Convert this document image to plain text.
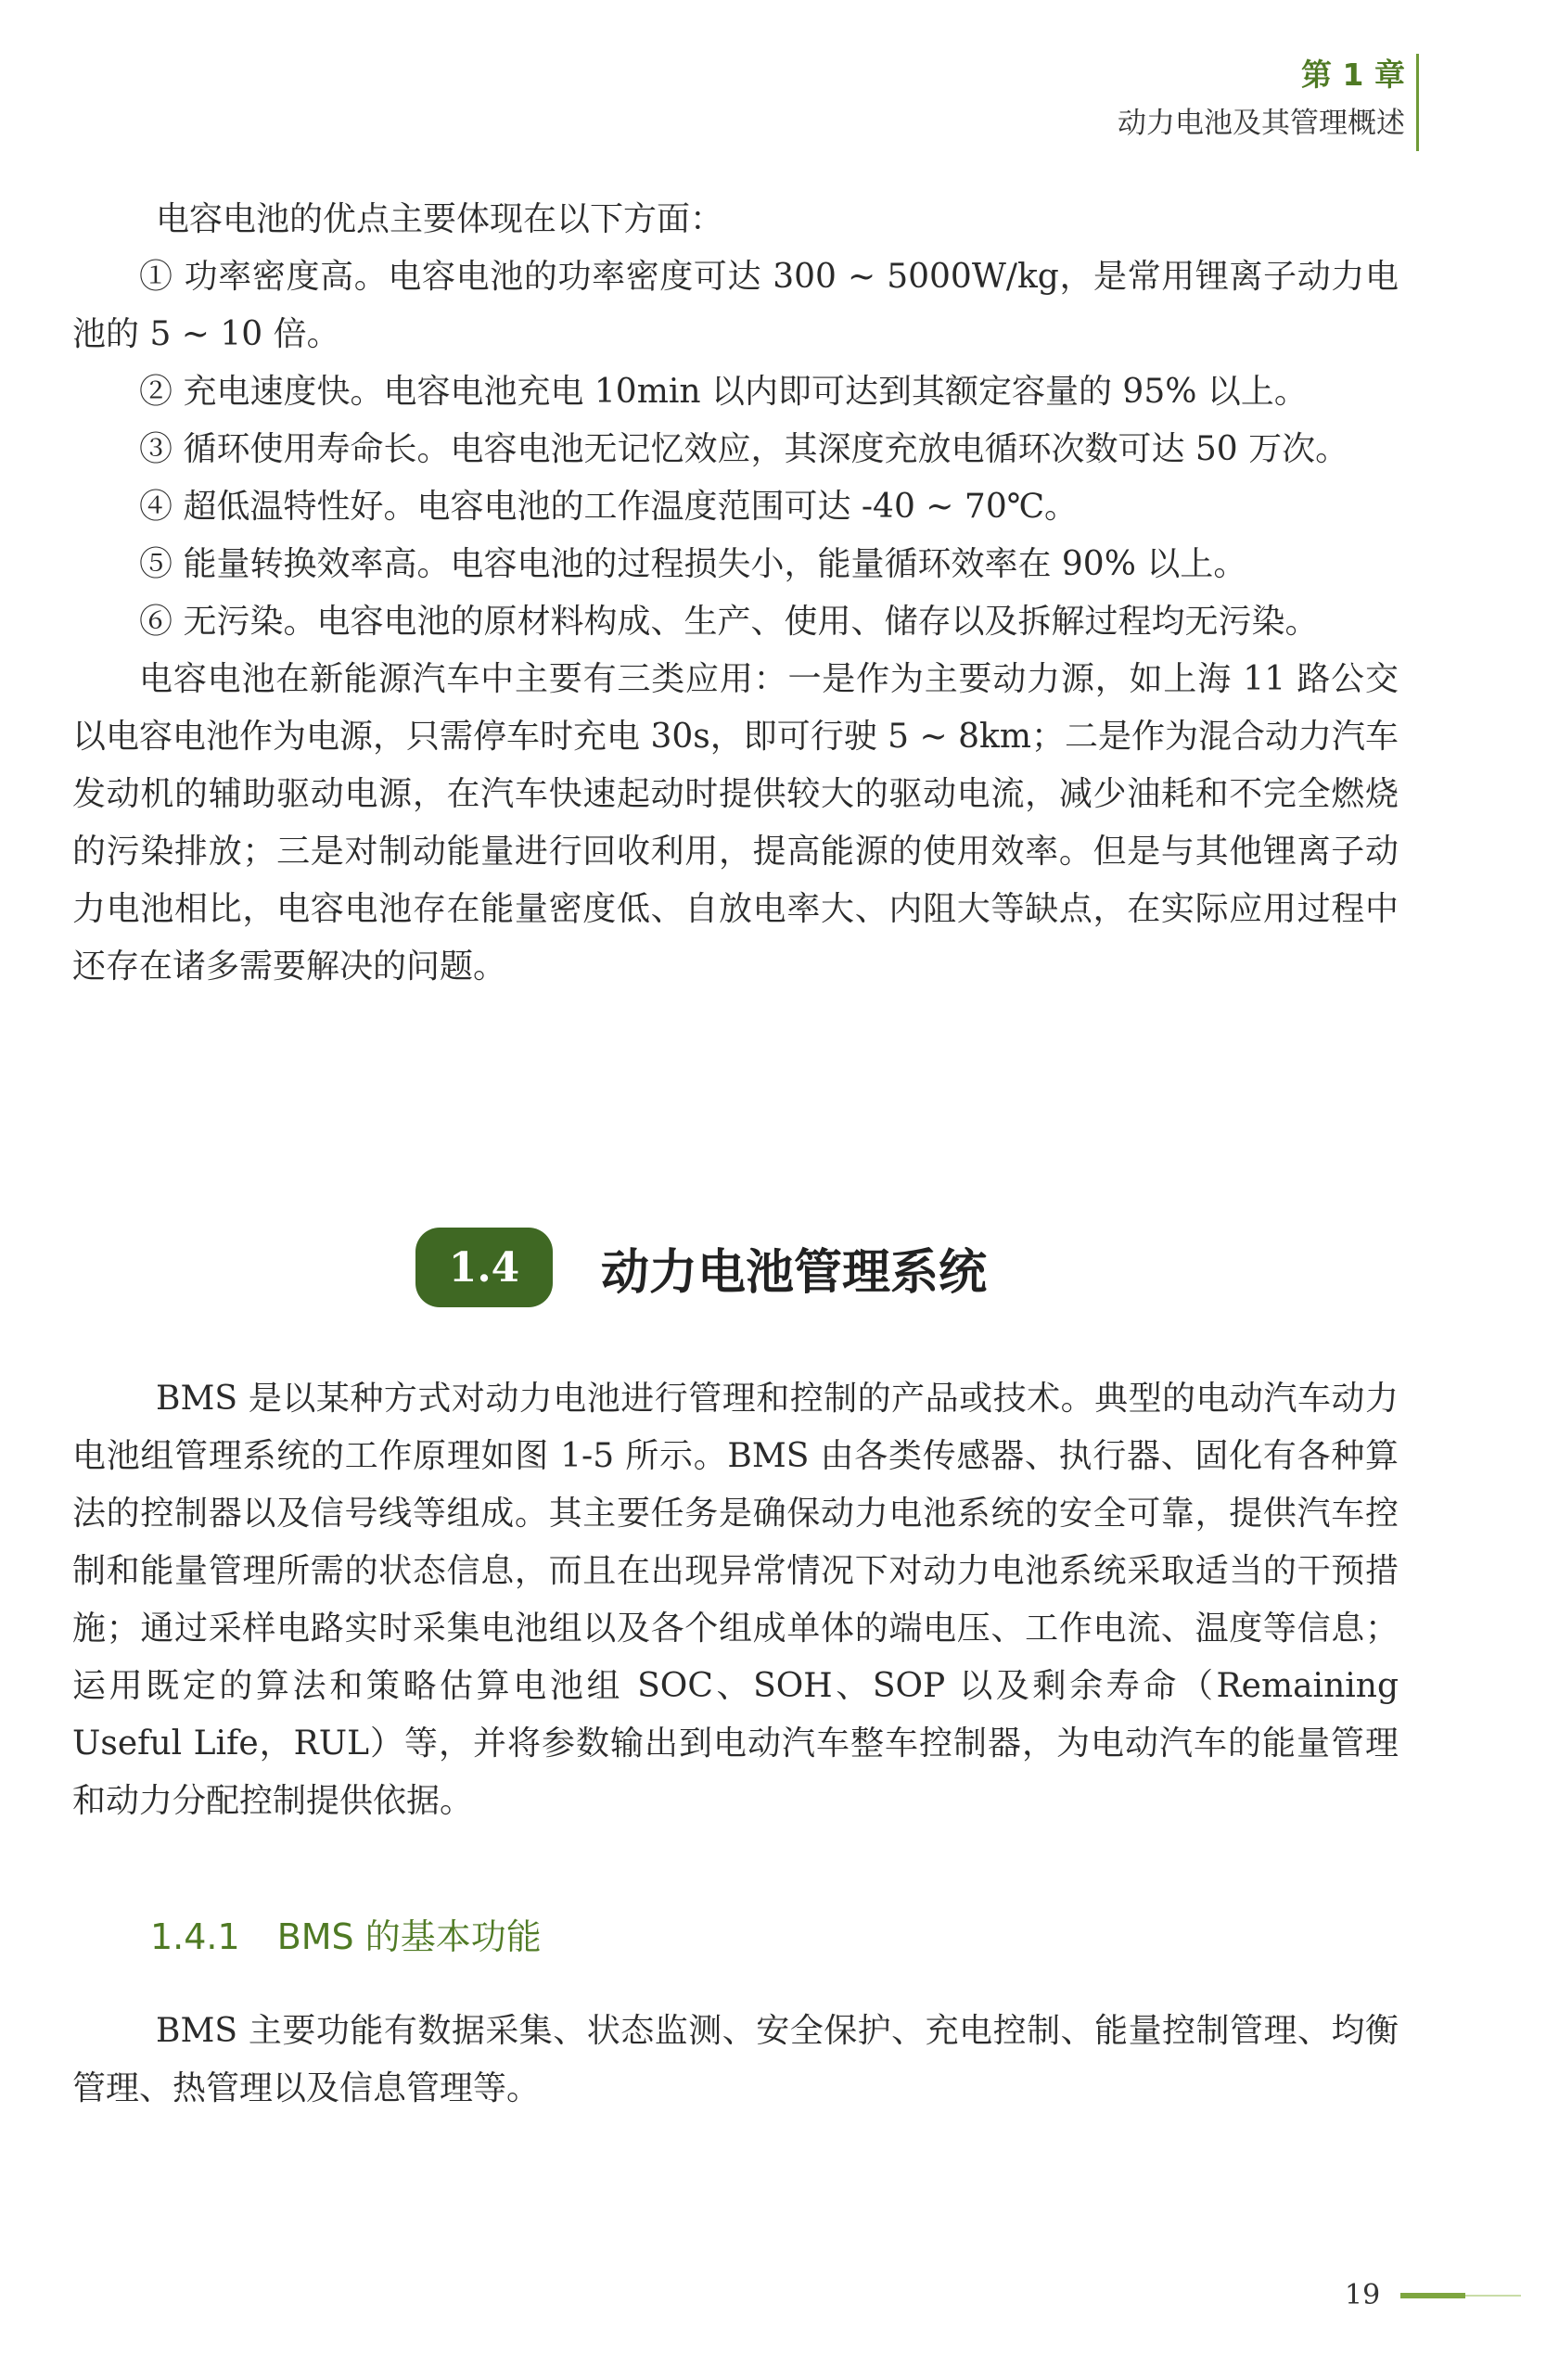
第 1 章
动力电池及其管理概述

电容电池的优点主要体现在以下方面：

① 功率密度高。电容电池的功率密度可达 300 ~ 5000W/kg，是常用锂离子动力电池的 5 ~ 10 倍。

② 充电速度快。电容电池充电 10min 以内即可达到其额定容量的 95% 以上。

③ 循环使用寿命长。电容电池无记忆效应，其深度充放电循环次数可达 50 万次。

④ 超低温特性好。电容电池的工作温度范围可达 -40 ~ 70℃。

⑤ 能量转换效率高。电容电池的过程损失小，能量循环效率在 90% 以上。

⑥ 无污染。电容电池的原材料构成、生产、使用、储存以及拆解过程均无污染。

电容电池在新能源汽车中主要有三类应用：一是作为主要动力源，如上海 11 路公交以电容电池作为电源，只需停车时充电 30s，即可行驶 5 ~ 8km；二是作为混合动力汽车发动机的辅助驱动电源，在汽车快速起动时提供较大的驱动电流，减少油耗和不完全燃烧的污染排放；三是对制动能量进行回收利用，提高能源的使用效率。但是与其他锂离子动力电池相比，电容电池存在能量密度低、自放电率大、内阻大等缺点，在实际应用过程中还存在诸多需要解决的问题。

1.4	动力电池管理系统

BMS 是以某种方式对动力电池进行管理和控制的产品或技术。典型的电动汽车动力电池组管理系统的工作原理如图 1-5 所示。BMS 由各类传感器、执行器、固化有各种算法的控制器以及信号线等组成。其主要任务是确保动力电池系统的安全可靠，提供汽车控制和能量管理所需的状态信息，而且在出现异常情况下对动力电池系统采取适当的干预措施；通过采样电路实时采集电池组以及各个组成单体的端电压、工作电流、温度等信息；运用既定的算法和策略估算电池组 SOC、SOH、SOP 以及剩余寿命（Remaining Useful Life，RUL）等，并将参数输出到电动汽车整车控制器，为电动汽车的能量管理和动力分配控制提供依据。

1.4.1 BMS 的基本功能

BMS 主要功能有数据采集、状态监测、安全保护、充电控制、能量控制管理、均衡管理、热管理以及信息管理等。

19
